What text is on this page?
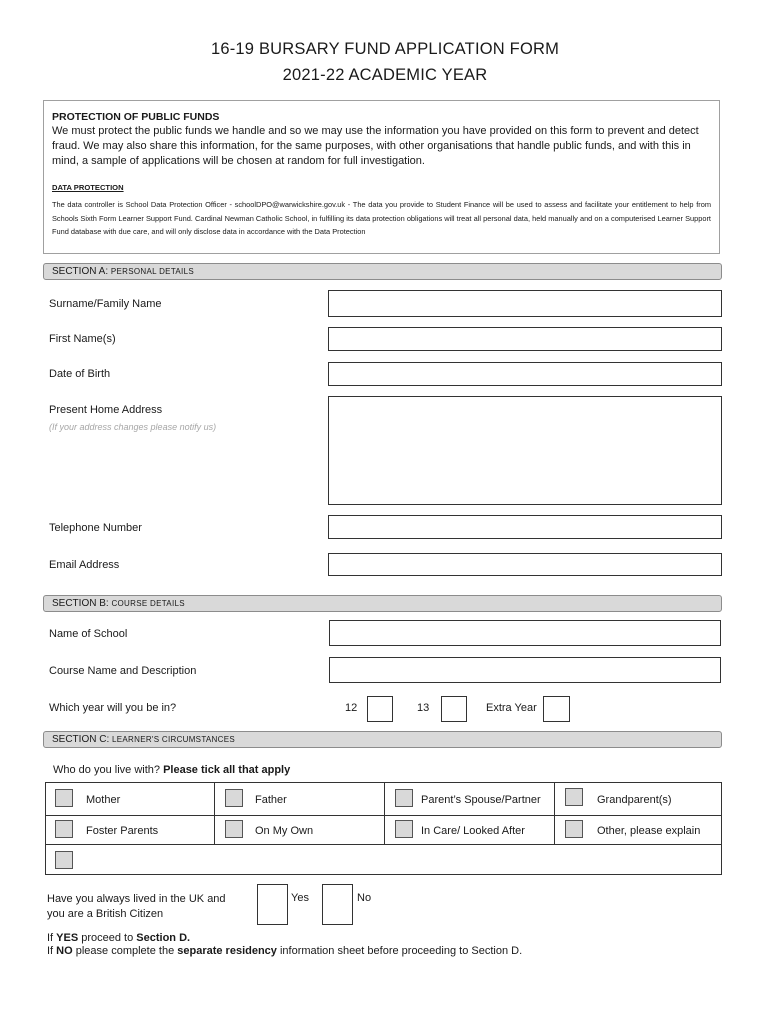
16-19 BURSARY FUND APPLICATION FORM
2021-22 ACADEMIC YEAR
PROTECTION OF PUBLIC FUNDS
We must protect the public funds we handle and so we may use the information you have provided on this form to prevent and detect fraud. We may also share this information, for the same purposes, with other organisations that handle public funds, and with this in mind, a sample of applications will be chosen at random for full investigation.
DATA PROTECTION
The data controller is School Data Protection Officer - schoolDPO@warwickshire.gov.uk - The data you provide to Student Finance will be used to assess and facilitate your entitlement to help from Schools Sixth Form Learner Support Fund. Cardinal Newman Catholic School, in fulfilling its data protection obligations will treat all personal data, held manually and on a computerised Learner Support Fund database with due care, and will only disclose data in accordance with the Data Protection
SECTION A: PERSONAL DETAILS
Surname/Family Name
First Name(s)
Date of Birth
Present Home Address
(If your address changes please notify us)
Telephone Number
Email Address
SECTION B: COURSE DETAILS
Name of School
Course Name and Description
Which year will you be in?	12	13	Extra Year
SECTION C: LEARNER'S CIRCUMSTANCES
Who do you live with? Please tick all that apply
Mother	Father	Parent’s Spouse/Partner	Grandparent(s)
Foster Parents	On My Own	In Care/ Looked After	Other, please explain
Have you always lived in the UK and
you are a British Citizen
Yes	No
If YES proceed to Section D.
If NO please complete the separate residency information sheet before proceeding to Section D.
